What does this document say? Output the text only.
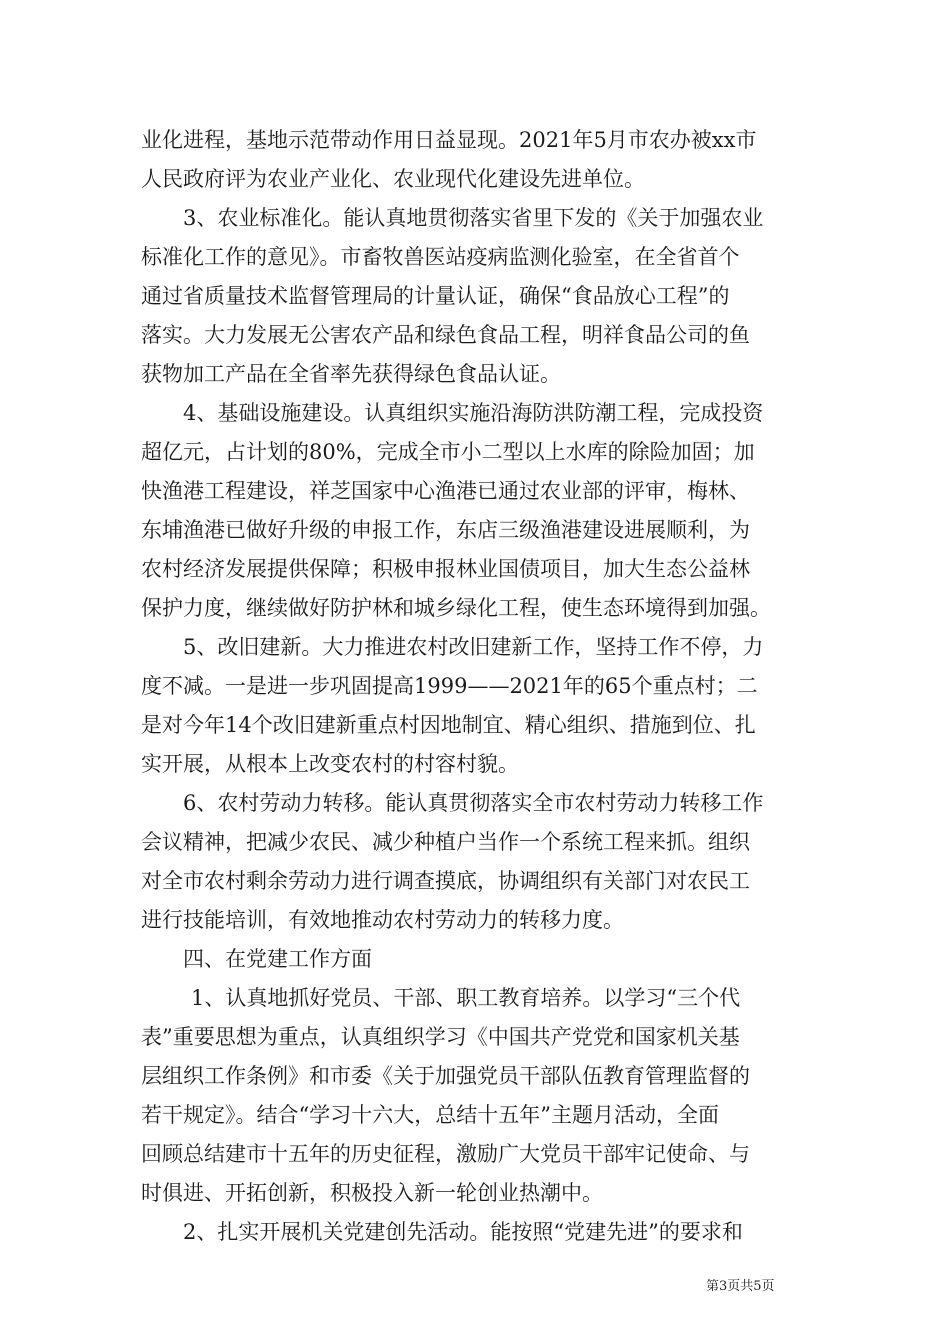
业化进程，基地示范带动作用日益显现。2021年5月市农办被xx市
人民政府评为农业产业化、农业现代化建设先进单位。
3、农业标准化。能认真地贯彻落实省里下发的《关于加强农业
标准化工作的意见》。市畜牧兽医站疫病监测化验室，在全省首个
通过省质量技术监督管理局的计量认证，确保“食品放心工程”的
落实。大力发展无公害农产品和绿色食品工程，明祥食品公司的鱼
获物加工产品在全省率先获得绿色食品认证。
4、基础设施建设。认真组织实施沿海防洪防潮工程，完成投资
超亿元，占计划的80%，完成全市小二型以上水库的除险加固；加
快渔港工程建设，祥芝国家中心渔港已通过农业部的评审，梅林、
东埔渔港已做好升级的申报工作，东店三级渔港建设进展顺利，为
农村经济发展提供保障；积极申报林业国债项目，加大生态公益林
保护力度，继续做好防护林和城乡绿化工程，使生态环境得到加强。
5、改旧建新。大力推进农村改旧建新工作，坚持工作不停，力
度不减。一是进一步巩固提高1999——2021年的65个重点村；二
是对今年14个改旧建新重点村因地制宜、精心组织、措施到位、扎
实开展，从根本上改变农村的村容村貌。
6、农村劳动力转移。能认真贯彻落实全市农村劳动力转移工作
会议精神，把减少农民、减少种植户当作一个系统工程来抓。组织
对全市农村剩余劳动力进行调查摸底，协调组织有关部门对农民工
进行技能培训，有效地推动农村劳动力的转移力度。
四、在党建工作方面
1、认真地抓好党员、干部、职工教育培养。以学习“三个代
表”重要思想为重点，认真组织学习《中国共产党党和国家机关基
层组织工作条例》和市委《关于加强党员干部队伍教育管理监督的
若干规定》。结合“学习十六大，总结十五年”主题月活动，全面
回顾总结建市十五年的历史征程，激励广大党员干部牢记使命、与
时俱进、开拓创新，积极投入新一轮创业热潮中。
2、扎实开展机关党建创先活动。能按照“党建先进”的要求和
第3页共5页
